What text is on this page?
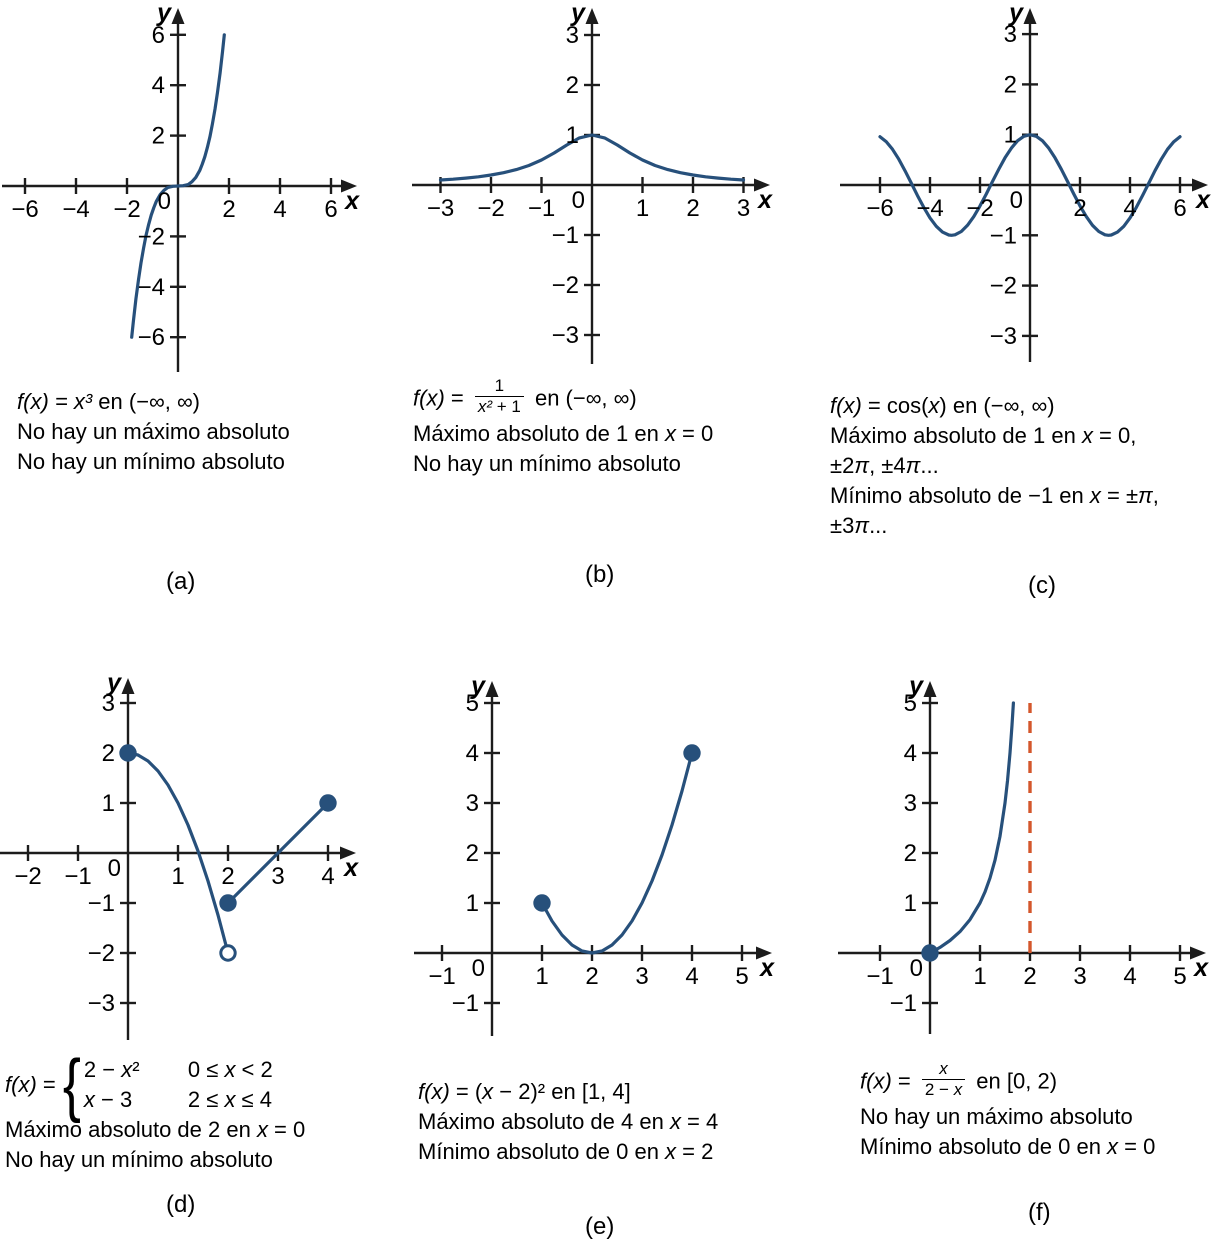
−6 −4 −2	2 4 6
−6
−4
−2
2
4
6
0	x
y
f(x) = x³ en (−∞, ∞)
No hay un máximo absoluto
No hay un mínimo absoluto
(a)
−3 −2 −1	1 2 3
−3
−2
−1
1
2
3
0	x
y
$f(x) = \frac{1}{\text{x² + 1}}$ en (−∞, ∞)
Máximo absoluto de 1 en x = 0
No hay un mínimo absoluto
(b)
−6 −4 −2	2 4 6
−3
−2
−1
1
2
3
0	x
y
f(x) = cos(x) en (−∞, ∞)
Máximo absoluto de 1 en x = 0,
±2π, ±4π...
Mínimo absoluto de −1 en x = ±π,
±3π...
(c)
−2 −1	1 2 3 4
−3
−2
−1
1
2
3
0	x
y
f(x) = { 2 − x²	0 ≤ x < 2
x − 3	2 ≤ x ≤ 4
Máximo absoluto de 2 en x = 0
No hay un mínimo absoluto
(d)
−1	1 2 3 4 5
−1
1
2
3
4
5
0	x
y
f(x) = (x − 2)² en [1, 4]
Máximo absoluto de 4 en x = 4
Mínimo absoluto de 0 en x = 2
(e)
−1	1 2 3 4 5
−1
1
2
3
4
5
0	x
y
$f(x) = \frac{x}{2 - x}$ en [0, 2)
No hay un máximo absoluto
Mínimo absoluto de 0 en x = 0
(f)
